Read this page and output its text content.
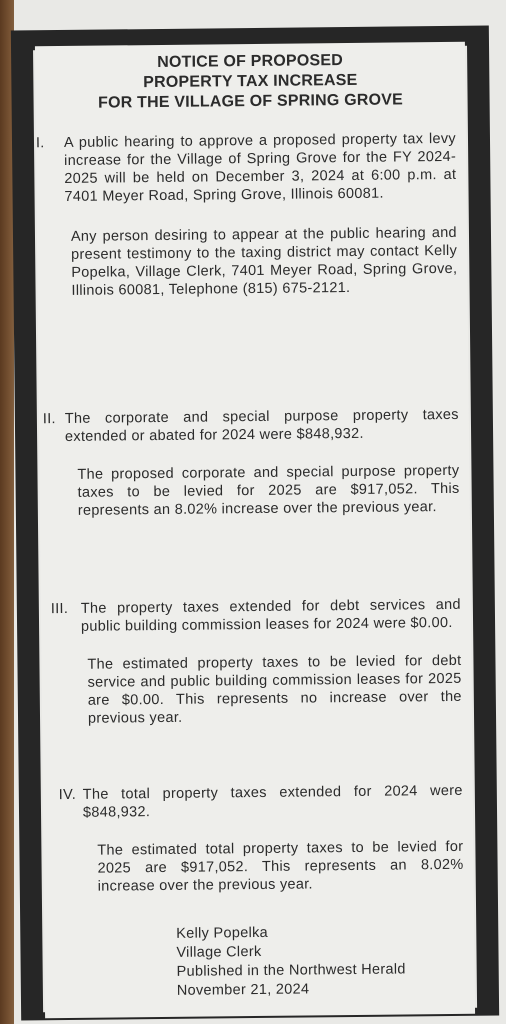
NOTICE OF PROPOSED
PROPERTY TAX INCREASE
FOR THE VILLAGE OF SPRING GROVE
I.	A public hearing to approve a proposed property tax levy increase for the Village of Spring Grove for the FY 2024-2025 will be held on December 3, 2024 at 6:00 p.m. at 7401 Meyer Road, Spring Grove, Illinois 60081.
Any person desiring to appear at the public hearing and present testimony to the taxing district may contact Kelly Popelka, Village Clerk, 7401 Meyer Road, Spring Grove, Illinois 60081, Telephone (815) 675-2121.
II. The corporate and special purpose property taxes extended or abated for 2024 were $848,932.
The proposed corporate and special purpose property taxes to be levied for 2025 are $917,052. This represents an 8.02% increase over the previous year.
III. The property taxes extended for debt services and public building commission leases for 2024 were $0.00.
The estimated property taxes to be levied for debt service and public building commission leases for 2025 are $0.00. This represents no increase over the previous year.
IV. The total property taxes extended for 2024 were $848,932.
The estimated total property taxes to be levied for 2025 are $917,052. This represents an 8.02% increase over the previous year.
Kelly Popelka
Village Clerk
Published in the Northwest Herald
November 21, 2024
